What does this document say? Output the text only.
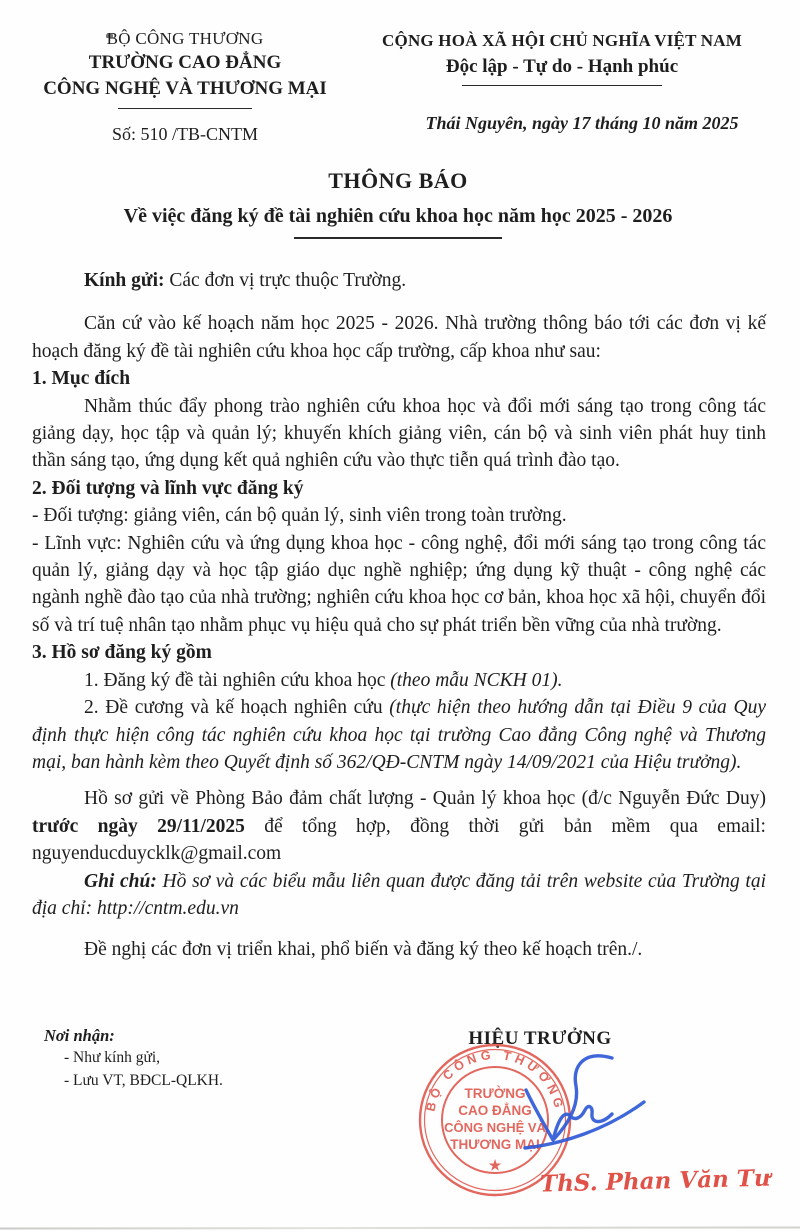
BỘ CÔNG THƯƠNG
TRƯỜNG CAO ĐẲNG
CÔNG NGHỆ VÀ THƯƠNG MẠI
Số: 510 /TB-CNTM
CỘNG HOÀ XÃ HỘI CHỦ NGHĨA VIỆT NAM
Độc lập - Tự do - Hạnh phúc
Thái Nguyên, ngày 17 tháng 10 năm 2025
THÔNG BÁO
Về việc đăng ký đề tài nghiên cứu khoa học năm học 2025 - 2026

Kính gửi: Các đơn vị trực thuộc Trường.

Căn cứ vào kế hoạch năm học 2025 - 2026. Nhà trường thông báo tới các đơn vị kế hoạch đăng ký đề tài nghiên cứu khoa học cấp trường, cấp khoa như sau:

1. Mục đích

Nhằm thúc đẩy phong trào nghiên cứu khoa học và đổi mới sáng tạo trong công tác giảng dạy, học tập và quản lý; khuyến khích giảng viên, cán bộ và sinh viên phát huy tinh thần sáng tạo, ứng dụng kết quả nghiên cứu vào thực tiễn quá trình đào tạo.

2. Đối tượng và lĩnh vực đăng ký

- Đối tượng: giảng viên, cán bộ quản lý, sinh viên trong toàn trường.

- Lĩnh vực: Nghiên cứu và ứng dụng khoa học - công nghệ, đổi mới sáng tạo trong công tác quản lý, giảng dạy và học tập giáo dục nghề nghiệp; ứng dụng kỹ thuật - công nghệ các ngành nghề đào tạo của nhà trường; nghiên cứu khoa học cơ bản, khoa học xã hội, chuyển đổi số và trí tuệ nhân tạo nhằm phục vụ hiệu quả cho sự phát triển bền vững của nhà trường.

3. Hồ sơ đăng ký gồm

1. Đăng ký đề tài nghiên cứu khoa học (theo mẫu NCKH 01).

2. Đề cương và kế hoạch nghiên cứu (thực hiện theo hướng dẫn tại Điều 9 của Quy định thực hiện công tác nghiên cứu khoa học tại trường Cao đẳng Công nghệ và Thương mại, ban hành kèm theo Quyết định số 362/QĐ-CNTM ngày 14/09/2021 của Hiệu trưởng).

Hồ sơ gửi về Phòng Bảo đảm chất lượng - Quản lý khoa học (đ/c Nguyễn Đức Duy) trước ngày 29/11/2025 để tổng hợp, đồng thời gửi bản mềm qua email: nguyenducduycklk@gmail.com

Ghi chú: Hồ sơ và các biểu mẫu liên quan được đăng tải trên website của Trường tại địa chỉ: http://cntm.edu.vn

Đề nghị các đơn vị triển khai, phổ biến và đăng ký theo kế hoạch trên./.

Nơi nhận:
- Như kính gửi,
- Lưu VT, BĐCL-QLKH.
HIỆU TRƯỞNG
BỘ CÔNG THƯƠNG
TRƯỜNG
CAO ĐẲNG
CÔNG NGHỆ VÀ
THƯƠNG MẠI
★ ThS. Phan Văn Tư
